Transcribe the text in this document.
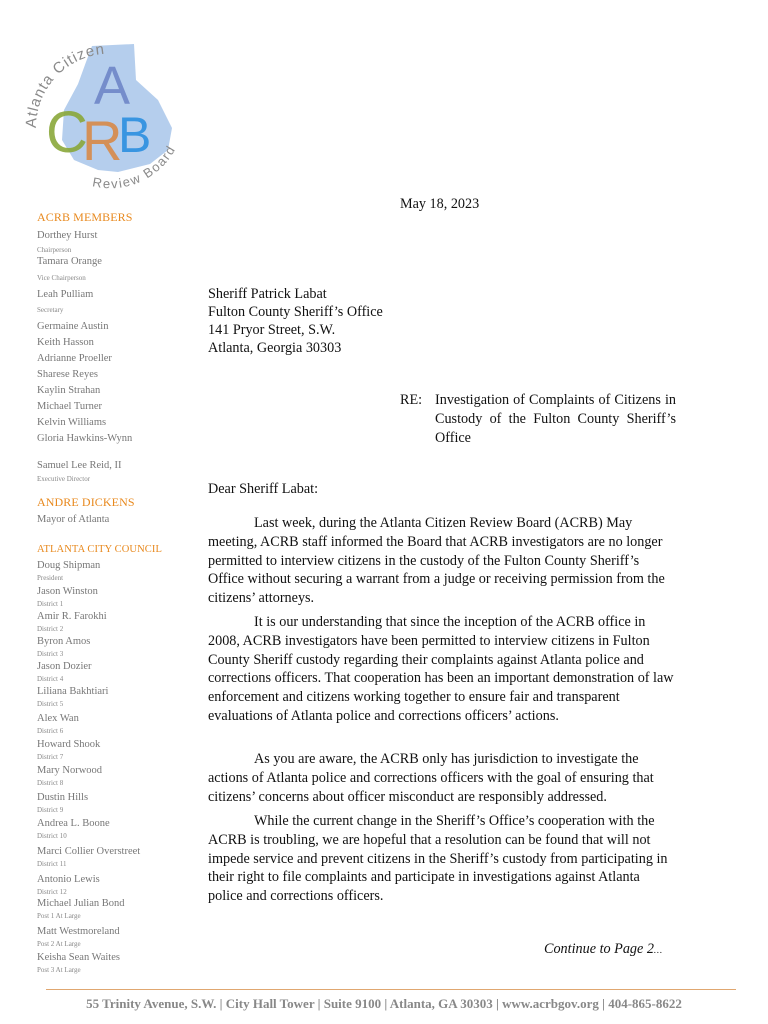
Atlanta Citizen
Review Board
A
C
R
B
ACRB MEMBERS
Dorthey Hurst
Chairperson
Tamara Orange
Vice Chairperson
Leah Pulliam
Secretary
Germaine Austin
Keith Hasson
Adrianne Proeller
Sharese Reyes
Kaylin Strahan
Michael Turner
Kelvin Williams
Gloria Hawkins-Wynn
Samuel Lee Reid, II
Executive Director
ANDRE DICKENS
Mayor of Atlanta
ATLANTA CITY COUNCIL
Doug Shipman
President
Jason Winston
District 1
Amir R. Farokhi
District 2
Byron Amos
District 3
Jason Dozier
District 4
Liliana Bakhtiari
District 5
Alex Wan
District 6
Howard Shook
District 7
Mary Norwood
District 8
Dustin Hills
District 9
Andrea L. Boone
District 10
Marci Collier Overstreet
District 11
Antonio Lewis
District 12
Michael Julian Bond
Post 1 At Large
Matt Westmoreland
Post 2 At Large
Keisha Sean Waites
Post 3 At Large
May 18, 2023
Sheriff Patrick Labat
Fulton County Sheriff’s Office
141 Pryor Street, S.W.
Atlanta, Georgia 30303
RE: Investigation of Complaints of Citizens in Custody of the Fulton County Sheriff’s Office
Dear Sheriff Labat:
Last week, during the Atlanta Citizen Review Board (ACRB) May meeting, ACRB staff informed the Board that ACRB investigators are no longer permitted to interview citizens in the custody of the Fulton County Sheriff’s Office without securing a warrant from a judge or receiving permission from the citizens’ attorneys.
It is our understanding that since the inception of the ACRB office in 2008, ACRB investigators have been permitted to interview citizens in Fulton County Sheriff custody regarding their complaints against Atlanta police and corrections officers. That cooperation has been an important demonstration of law enforcement and citizens working together to ensure fair and transparent evaluations of Atlanta police and corrections officers’ actions.
As you are aware, the ACRB only has jurisdiction to investigate the actions of Atlanta police and corrections officers with the goal of ensuring that citizens’ concerns about officer misconduct are responsibly addressed.
While the current change in the Sheriff’s Office’s cooperation with the ACRB is troubling, we are hopeful that a resolution can be found that will not impede service and prevent citizens in the Sheriff’s custody from participating in their right to file complaints and participate in investigations against Atlanta police and corrections officers.
Continue to Page 2…
55 Trinity Avenue, S.W. | City Hall Tower | Suite 9100 | Atlanta, GA 30303 | www.acrbgov.org | 404-865-8622
